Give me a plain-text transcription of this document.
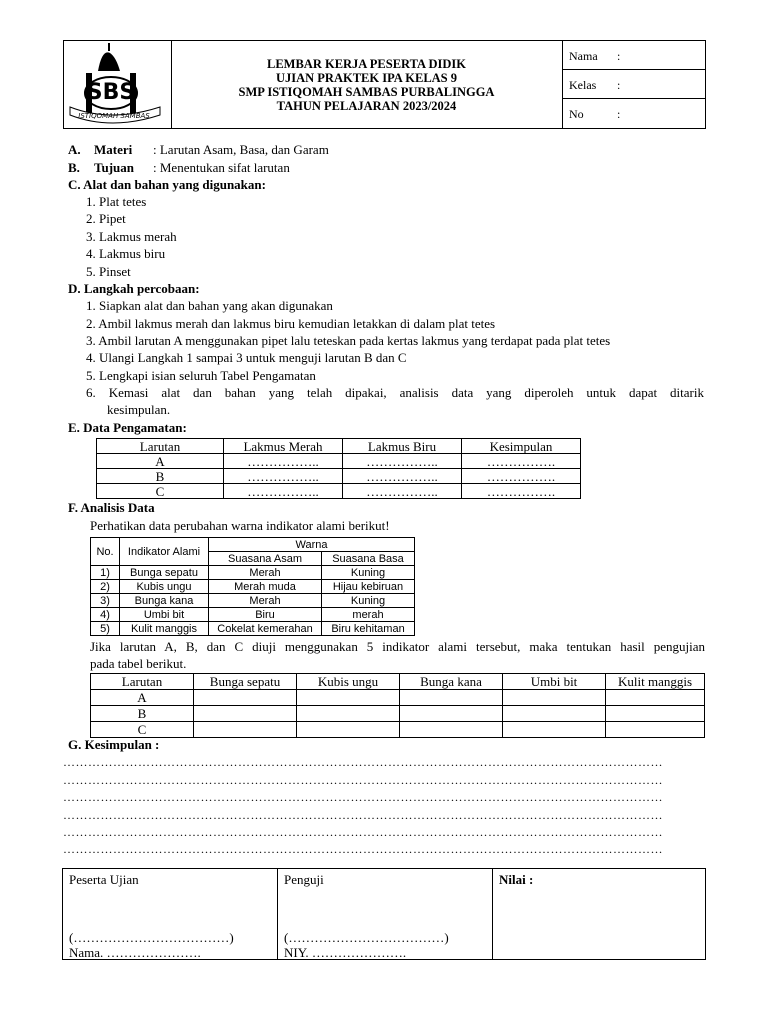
SBS
ISTIQOMAH SAMBAS
LEMBAR KERJA PESERTA DIDIK
UJIAN PRAKTEK IPA KELAS 9
SMP ISTIQOMAH SAMBAS PURBALINGGA
TAHUN PELAJARAN 2023/2024
Nama :
Kelas :
No	:
A. Materi : Larutan Asam, Basa, dan Garam
B. Tujuan : Menentukan sifat larutan
C. Alat dan bahan yang digunakan:
1. Plat tetes
2. Pipet
3. Lakmus merah
4. Lakmus biru
5. Pinset
D. Langkah percobaan:
1. Siapkan alat dan bahan yang akan digunakan
2. Ambil lakmus merah dan lakmus biru kemudian letakkan di dalam plat tetes
3. Ambil larutan A menggunakan pipet lalu teteskan pada kertas lakmus yang terdapat pada plat tetes
4. Ulangi Langkah 1 sampai 3 untuk menguji larutan B dan C
5. Lengkapi isian seluruh Tabel Pengamatan
6. Kemasi alat dan bahan yang telah dipakai, analisis data yang diperoleh untuk dapat ditarik
kesimpulan.
E. Data Pengamatan:
Larutan	Lakmus Merah	Lakmus Biru	Kesimpulan
A	……………..	……………..	…………….
B	……………..	……………..	…………….
C	……………..	……………..	…………….
F. Analisis Data
Perhatikan data perubahan warna indikator alami berikut!
No.	Indikator Alami	Warna	
		Suasana Asam	Suasana Basa
1)	Bunga sepatu	Merah	Kuning
2)	Kubis ungu	Merah muda	Hijau kebiruan
3)	Bunga kana	Merah	Kuning
4)	Umbi bit	Biru	merah
5)	Kulit manggis	Cokelat kemerahan	Biru kehitaman
Jika larutan A, B, dan C diuji menggunakan 5 indikator alami tersebut, maka tentukan hasil pengujian
pada tabel berikut.
Larutan	Bunga sepatu	Kubis ungu	Bunga kana	Umbi bit	Kulit manggis
A					
B					
C					
G. Kesimpulan :
………………………………………………………………………………………………………………………………
………………………………………………………………………………………………………………………………
………………………………………………………………………………………………………………………………
………………………………………………………………………………………………………………………………
………………………………………………………………………………………………………………………………
………………………………………………………………………………………………………………………………
Peserta Ujian
(………………………………)
Nama. ………………….
Penguji
(………………………………)
NIY. ………………….
Nilai :
